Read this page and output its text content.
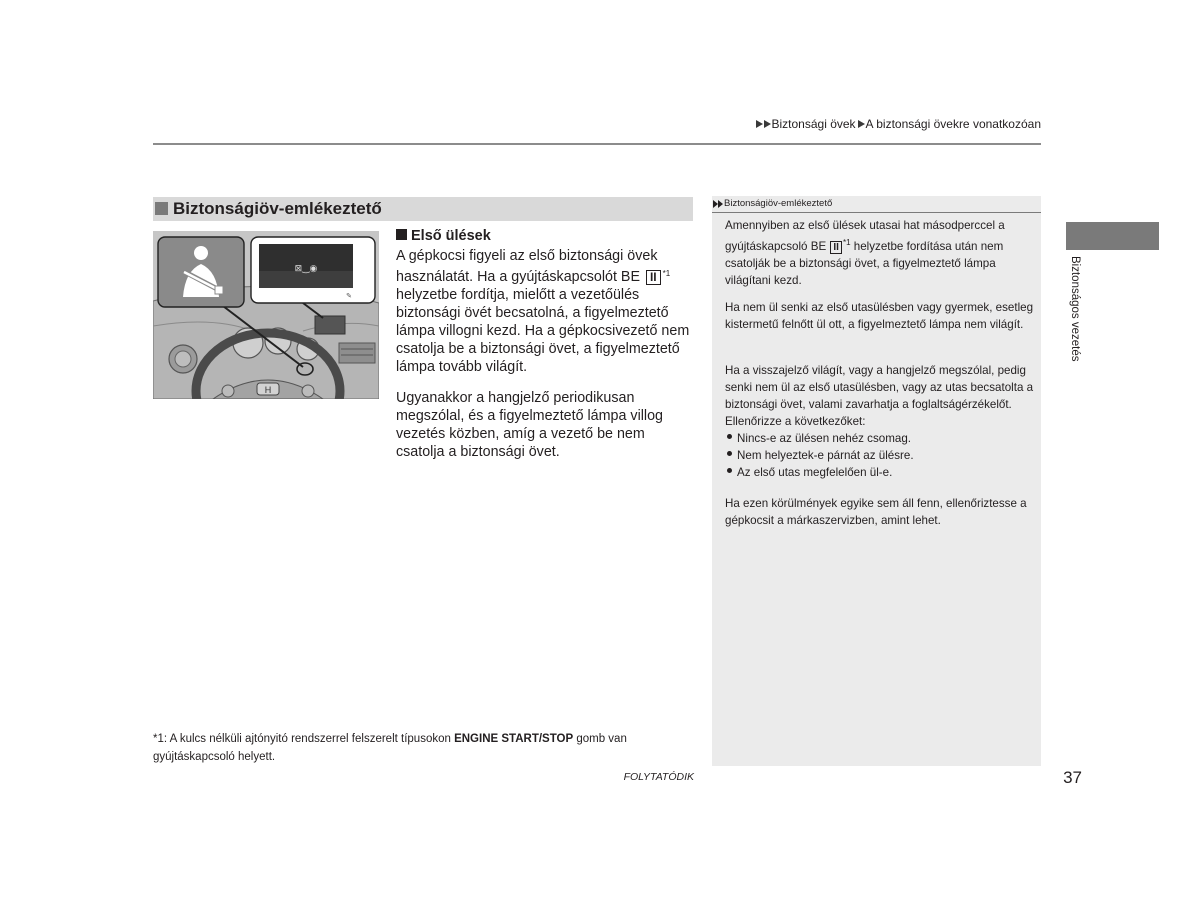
Biztonsági övek A biztonsági övekre vonatkozóan
Biztonságiöv-emlékeztető
H
⊠‿◉
✎
Első ülések

A gépkocsi figyeli az első biztonsági övek használatát. Ha a gyújtáskapcsolót BE II $^{*1}$ helyzetbe fordítja, mielőtt a vezetőülés biztonsági övét becsatolná, a figyelmeztető lámpa villogni kezd. Ha a gépkocsivezető nem csatolja be a biztonsági övet, a figyelmeztető lámpa tovább világít.

Ugyanakkor a hangjelző periodikusan megszólal, és a figyelmeztető lámpa villog vezetés közben, amíg a vezető be nem csatolja a biztonsági övet.

Biztonságiöv-emlékeztető

Amennyiben az első ülések utasai hat másodperccel a gyújtáskapcsoló BE II $^{*1}$ helyzetbe fordítása után nem csatolják be a biztonsági övet, a figyelmeztető lámpa világítani kezd.

Ha nem ül senki az első utasülésben vagy gyermek, esetleg kistermetű felnőtt ül ott, a figyelmeztető lámpa nem világít.

Ha a visszajelző világít, vagy a hangjelző megszólal, pedig senki nem ül az első utasülésben, vagy az utas becsatolta a biztonsági övet, valami zavarhatja a foglaltságérzékelőt. Ellenőrizze a következőket:

Nincs-e az ülésen nehéz csomag.

Nem helyeztek-e párnát az ülésre.

Az első utas megfelelően ül-e.

Ha ezen körülmények egyike sem áll fenn, ellenőriztesse a gépkocsit a márkaszervizben, amint lehet.

Biztonságos vezetés
*1: A kulcs nélküli ajtónyitó rendszerrel felszerelt típusokon ENGINE START/STOP gomb van gyújtáskapcsoló helyett.
FOLYTATÓDIK	37
